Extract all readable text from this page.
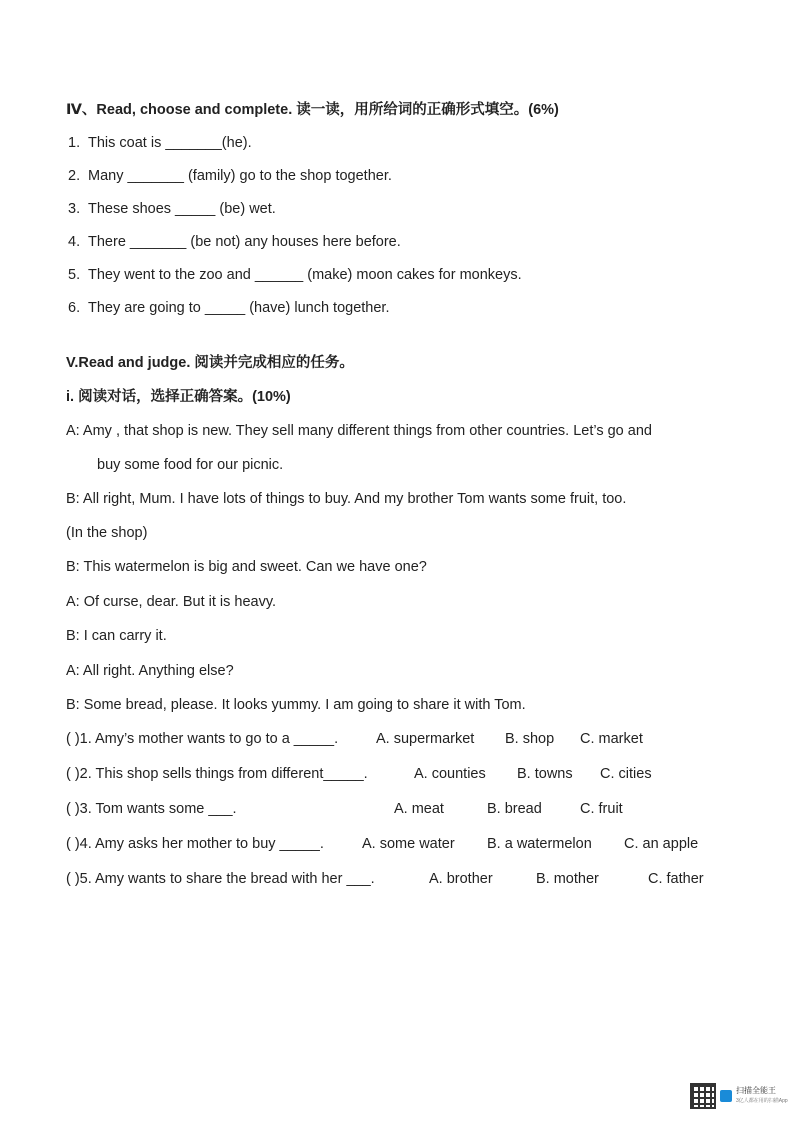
Ⅳ、Read, choose and complete. 读一读，用所给词的正确形式填空。(6%)
1. This coat is _______(he).
2. Many _______ (family) go to the shop together.
3. These shoes _____ (be) wet.
4. There _______ (be not) any houses here before.
5. They went to the zoo and ______ (make) moon cakes for monkeys.
6. They are going to _____ (have) lunch together.
V.Read and judge. 阅读并完成相应的任务。
i. 阅读对话，选择正确答案。(10%)
A: Amy , that shop is new. They sell many different things from other countries. Let’s go and
buy some food for our picnic.
B: All right, Mum. I have lots of things to buy. And my brother Tom wants some fruit, too.
(In the shop)
B: This watermelon is big and sweet. Can we have one?
A: Of curse, dear. But it is heavy.
B: I can carry it.
A: All right. Anything else?
B: Some bread, please. It looks yummy. I am going to share it with Tom.
( )1. Amy’s mother wants to go to a _____.	A. supermarket B. shop C. market
( )2. This shop sells things from different_____.	A. counties B. towns C. cities
( )3. Tom wants some ___.	A. meat	B. bread	C. fruit
( )4. Amy asks her mother to buy _____.	A. some water B. a watermelon C. an apple
( )5. Amy wants to share the bread with her ___.	A. brother	B. mother	C. father
扫描全能王
3亿人都在用的扫描App
